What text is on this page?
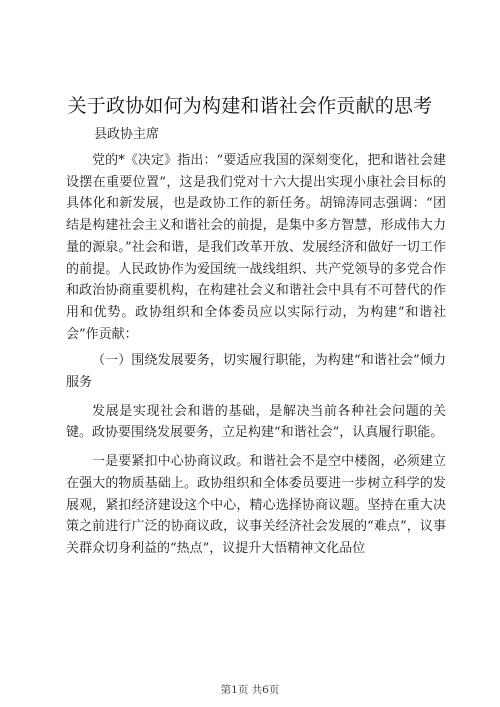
关于政协如何为构建和谐社会作贡献的思考
县政协主席

党的*《决定》指出：“要适应我国的深刻变化，把和谐社会建设摆在重要位置”，这是我们党对十六大提出实现小康社会目标的具体化和新发展，也是政协工作的新任务。胡锦涛同志强调：“团结是构建社会主义和谐社会的前提，是集中多方智慧，形成伟大力量的源泉。”社会和谐，是我们改革开放、发展经济和做好一切工作的前提。人民政协作为爱国统一战线组织、共产党领导的多党合作和政治协商重要机构，在构建社会义和谐社会中具有不可替代的作用和优势。政协组织和全体委员应以实际行动，为构建“和谐社会”作贡献：

（一）围绕发展要务，切实履行职能，为构建“和谐社会”倾力服务

发展是实现社会和谐的基础，是解决当前各种社会问题的关键。政协要围绕发展要务，立足构建“和谐社会”，认真履行职能。

一是要紧扣中心协商议政。和谐社会不是空中楼阁，必须建立在强大的物质基础上。政协组织和全体委员要进一步树立科学的发展观，紧扣经济建设这个中心，精心选择协商议题。坚持在重大决策之前进行广泛的协商议政，议事关经济社会发展的“难点”，议事关群众切身利益的“热点”，议提升大悟精神文化品位

第1页 共6页
